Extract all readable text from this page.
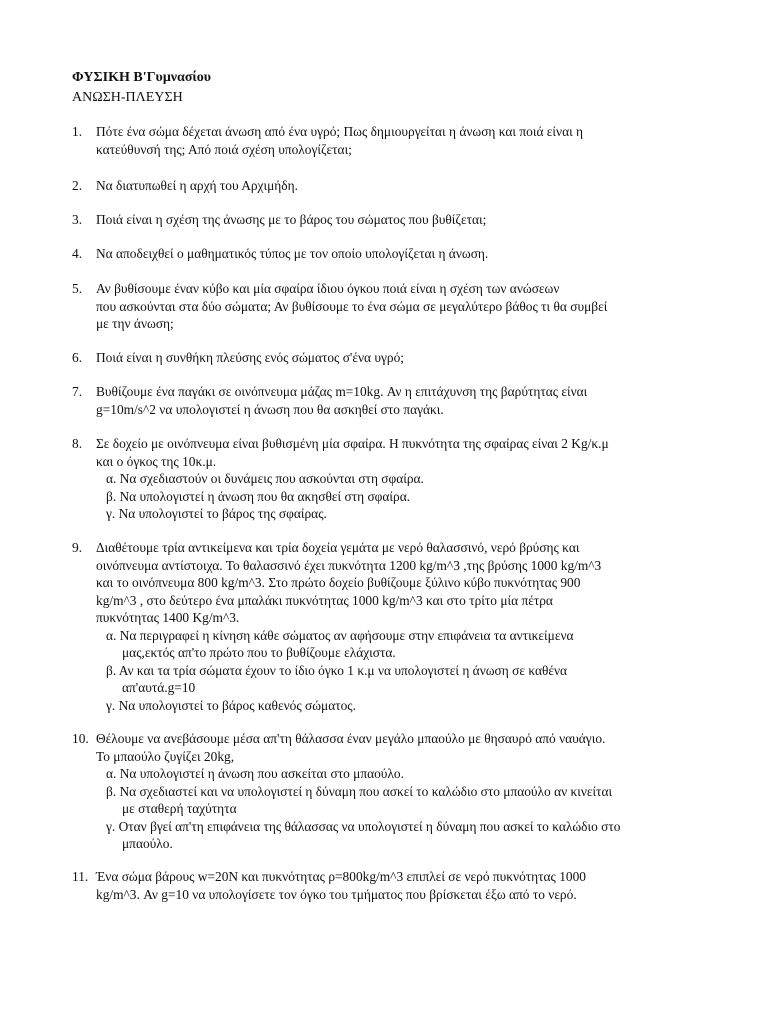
ΦΥΣΙΚΗ Β'Γυμνασίου
ΑΝΩΣΗ-ΠΛΕΥΣΗ
1. Πότε ένα σώμα δέχεται άνωση από ένα υγρό; Πως δημιουργείται η άνωση και ποιά είναι η
κατεύθυνσή της; Από ποιά σχέση υπολογίζεται;
2. Να διατυπωθεί η αρχή του Αρχιμήδη.
3. Ποιά είναι η σχέση της άνωσης με το βάρος του σώματος που βυθίζεται;
4. Να αποδειχθεί ο μαθηματικός τύπος με τον οποίο υπολογίζεται η άνωση.
5. Αν βυθίσουμε έναν κύβο και μία σφαίρα ίδιου όγκου ποιά είναι η σχέση των ανώσεων
που ασκούνται στα δύο σώματα; Αν βυθίσουμε το ένα σώμα σε μεγαλύτερο βάθος τι θα συμβεί
με την άνωση;
6. Ποιά είναι η συνθήκη πλεύσης ενός σώματος σ'ένα υγρό;
7. Βυθίζουμε ένα παγάκι σε οινόπνευμα μάζας m=10kg. Αν η επιτάχυνση της βαρύτητας είναι
g=10m/s^2 να υπολογιστεί η άνωση που θα ασκηθεί στο παγάκι.
8. Σε δοχείο με οινόπνευμα είναι βυθισμένη μία σφαίρα. Η πυκνότητα της σφαίρας είναι 2 Kg/κ.μ
και ο όγκος της 10κ.μ.
α. Να σχεδιαστούν οι δυνάμεις που ασκούνται στη σφαίρα.
β. Να υπολογιστεί η άνωση που θα ακησθεί στη σφαίρα.
γ. Να υπολογιστεί το βάρος της σφαίρας.
9. Διαθέτουμε τρία αντικείμενα και τρία δοχεία γεμάτα με νερό θαλασσινό, νερό βρύσης και
οινόπνευμα αντίστοιχα. Το θαλασσινό έχει πυκνότητα 1200 kg/m^3 ,της βρύσης 1000 kg/m^3
και το οινόπνευμα 800 kg/m^3. Στο πρώτο δοχείο βυθίζουμε ξύλινο κύβο πυκνότητας 900
kg/m^3 , στο δεύτερο ένα μπαλάκι πυκνότητας 1000 kg/m^3 και στο τρίτο μία πέτρα
πυκνότητας 1400 Kg/m^3.
α. Να περιγραφεί η κίνηση κάθε σώματος αν αφήσουμε στην επιφάνεια τα αντικείμενα
μας,εκτός απ'το πρώτο που το βυθίζουμε ελάχιστα.
β. Αν και τα τρία σώματα έχουν το ίδιο όγκο 1 κ.μ να υπολογιστεί η άνωση σε καθένα
απ'αυτά.g=10
γ. Να υπολογιστεί το βάρος καθενός σώματος.
10. Θέλουμε να ανεβάσουμε μέσα απ'τη θάλασσα έναν μεγάλο μπαούλο με θησαυρό από ναυάγιο.
Το μπαούλο ζυγίζει 20kg,
α. Να υπολογιστεί η άνωση που ασκείται στο μπαούλο.
β. Να σχεδιαστεί και να υπολογιστεί η δύναμη που ασκεί το καλώδιο στο μπαούλο αν κινείται
με σταθερή ταχύτητα
γ. Οταν βγεί απ'τη επιφάνεια της θάλασσας να υπολογιστεί η δύναμη που ασκεί το καλώδιο στο
μπαούλο.
11. Ένα σώμα βάρους w=20N και πυκνότητας ρ=800kg/m^3 επιπλεί σε νερό πυκνότητας 1000
kg/m^3. Αν g=10 να υπολογίσετε τον όγκο του τμήματος που βρίσκεται έξω από το νερό.
